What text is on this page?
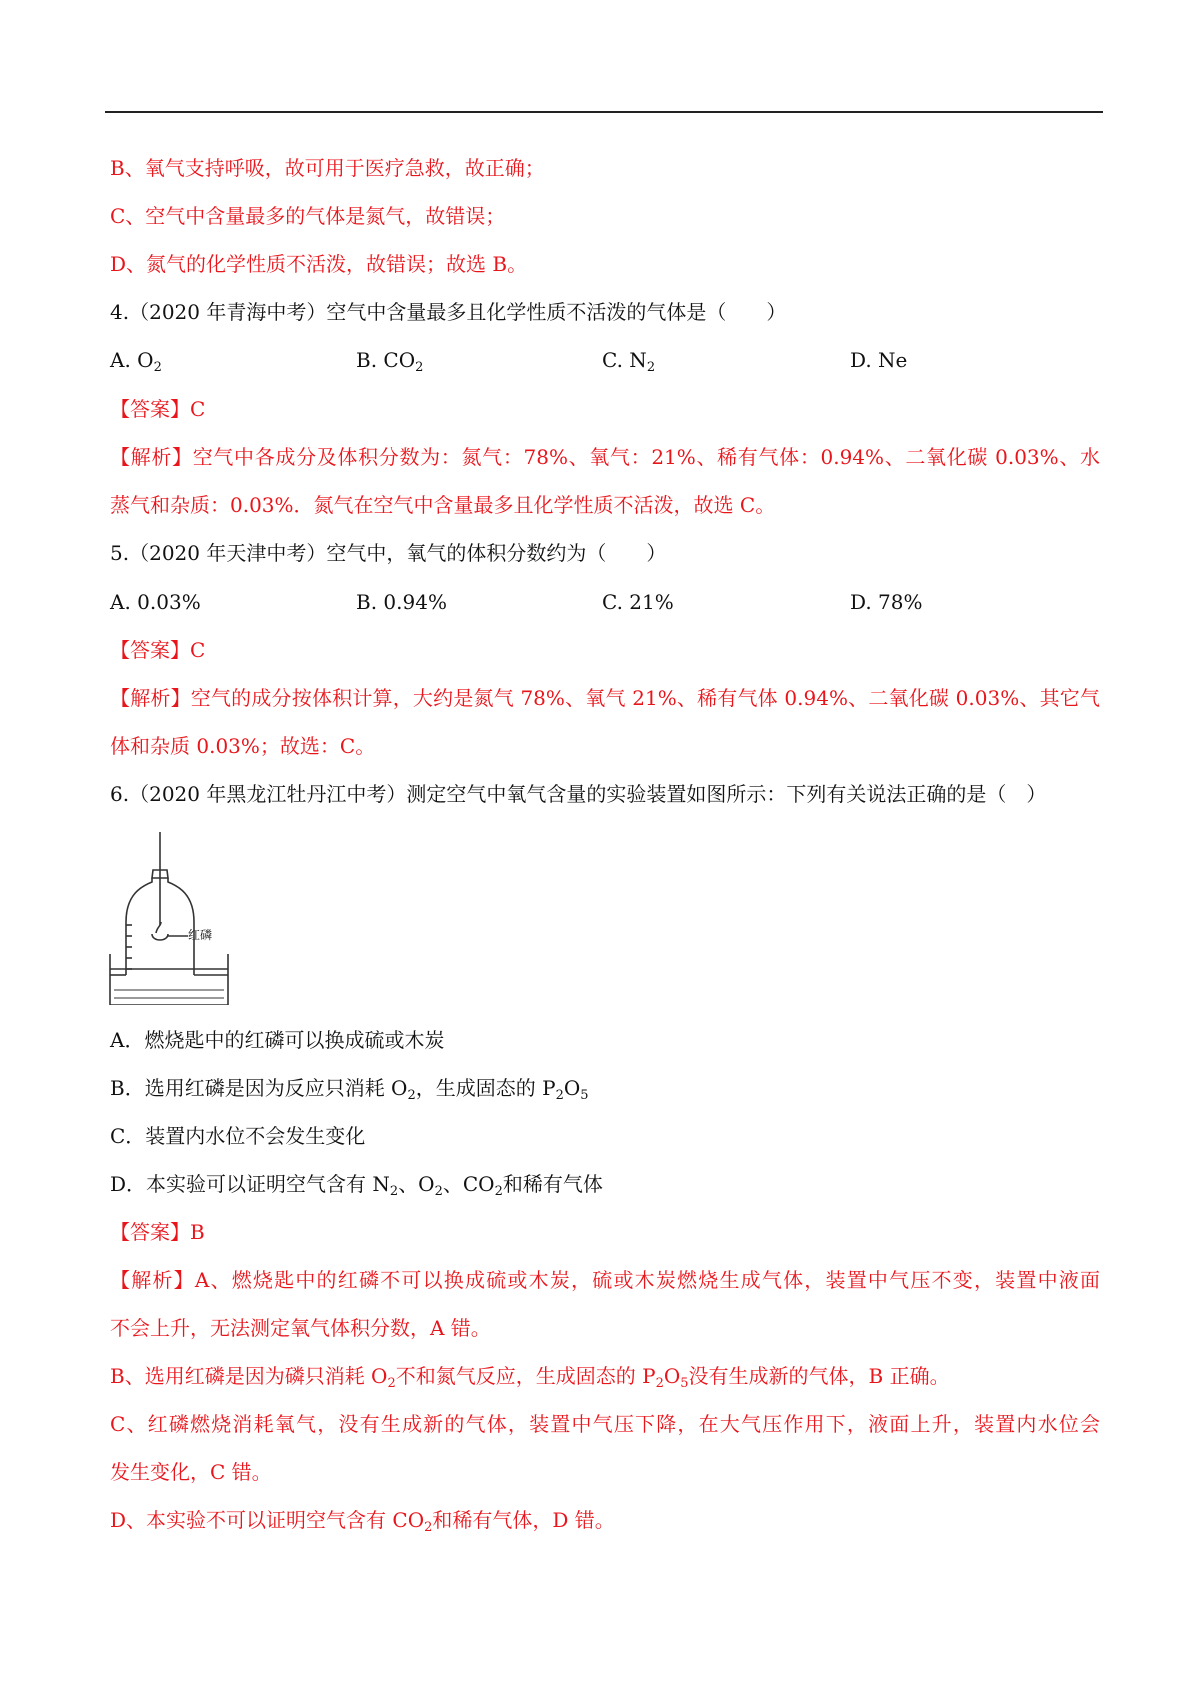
B、氧气支持呼吸，故可用于医疗急救，故正确；
C、空气中含量最多的气体是氮气，故错误；
D、氮气的化学性质不活泼，故错误；故选 B。
4.（2020 年青海中考）空气中含量最多且化学性质不活泼的气体是（　　）
A. $O_2$	B. $CO_2$	C. $N_2$	D. Ne
【答案】C
【解析】空气中各成分及体积分数为：氮气：78%、氧气：21%、稀有气体：0.94%、二氧化碳 0.03%、水
蒸气和杂质：0.03%．氮气在空气中含量最多且化学性质不活泼，故选 C。
5.（2020 年天津中考）空气中，氧气的体积分数约为（　　）
A. 0.03%	B. 0.94%	C. 21%	D. 78%
【答案】C
【解析】空气的成分按体积计算，大约是氮气 78%、氧气 21%、稀有气体 0.94%、二氧化碳 0.03%、其它气
体和杂质 0.03%；故选：C。
6.（2020 年黑龙江牡丹江中考）测定空气中氧气含量的实验装置如图所示：下列有关说法正确的是（　）
红磷
A．燃烧匙中的红磷可以换成硫或木炭
B．选用红磷是因为反应只消耗 $O_2$，生成固态的 $P_2O_5$
C．装置内水位不会发生变化
D．本实验可以证明空气含有 $N_2$、$O_2$、$CO_2$和稀有气体
【答案】B
【解析】A、燃烧匙中的红磷不可以换成硫或木炭，硫或木炭燃烧生成气体，装置中气压不变，装置中液面
不会上升，无法测定氧气体积分数，A 错。
B、选用红磷是因为磷只消耗 $O_2$不和氮气反应，生成固态的 $P_2O_5$没有生成新的气体，B 正确。
C、红磷燃烧消耗氧气，没有生成新的气体，装置中气压下降，在大气压作用下，液面上升，装置内水位会
发生变化，C 错。
D、本实验不可以证明空气含有 $CO_2$和稀有气体，D 错。
